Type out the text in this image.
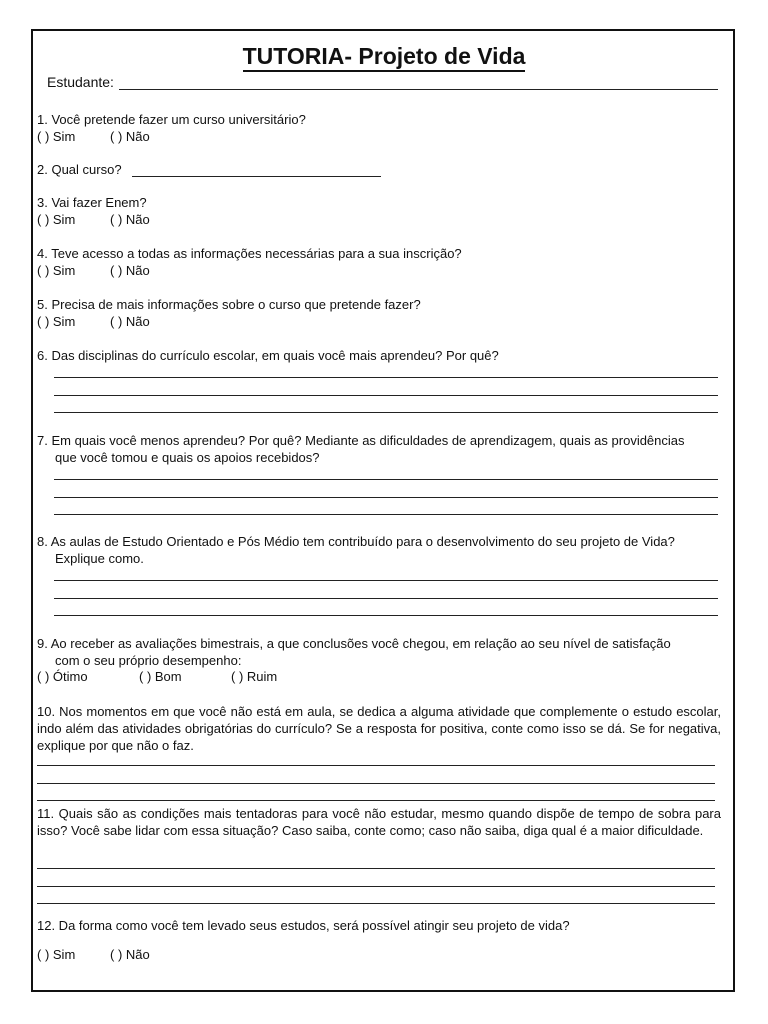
TUTORIA- Projeto de Vida
Estudante:
1. Você pretende fazer um curso universitário?
( ) Sim	( ) Não
2. Qual curso?
3. Vai fazer Enem?
( ) Sim	( ) Não
4. Teve acesso a todas as informações necessárias para a sua inscrição?
( ) Sim	( ) Não
5. Precisa de mais informações sobre o curso que pretende fazer?
( ) Sim	( ) Não
6. Das disciplinas do currículo escolar, em quais você mais aprendeu? Por quê?
7. Em quais você menos aprendeu? Por quê? Mediante as dificuldades de aprendizagem, quais as providências
que você tomou e quais os apoios recebidos?
8. As aulas de Estudo Orientado e Pós Médio tem contribuído para o desenvolvimento do seu projeto de Vida?
Explique como.
9. Ao receber as avaliações bimestrais, a que conclusões você chegou, em relação ao seu nível de satisfação
com o seu próprio desempenho:
( ) Ótimo	( ) Bom	( ) Ruim
10. Nos momentos em que você não está em aula, se dedica a alguma atividade que complemente o estudo escolar, indo além das atividades obrigatórias do currículo? Se a resposta for positiva, conte como isso se dá. Se for negativa, explique por que não o faz.
11. Quais são as condições mais tentadoras para você não estudar, mesmo quando dispõe de tempo de sobra para isso? Você sabe lidar com essa situação? Caso saiba, conte como; caso não saiba, diga qual é a maior dificuldade.
12. Da forma como você tem levado seus estudos, será possível atingir seu projeto de vida?
( ) Sim	( ) Não
